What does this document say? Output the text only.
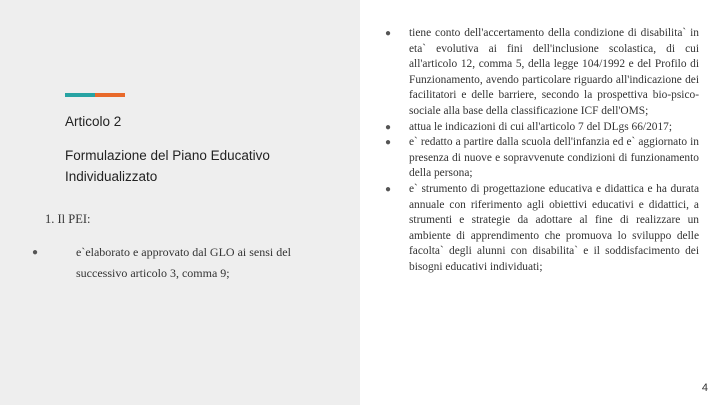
Articolo 2
Formulazione del Piano Educativo Individualizzato
1. Il PEI:
●	e`elaborato e approvato dal GLO ai sensi del successivo articolo 3, comma 9;
● tiene conto dell'accertamento della condizione di disabilita` in eta` evolutiva ai fini dell'inclusione scolastica, di cui all'articolo 12, comma 5, della legge 104/1992 e del Profilo di Funzionamento, avendo particolare riguardo all'indicazione dei facilitatori e delle barriere, secondo la prospettiva bio-psico-sociale alla base della classificazione ICF dell'OMS;
● attua le indicazioni di cui all'articolo 7 del DLgs 66/2017;
● e` redatto a partire dalla scuola dell'infanzia ed e` aggiornato in presenza di nuove e sopravvenute condizioni di funzionamento della persona;
● e` strumento di progettazione educativa e didattica e ha durata annuale con riferimento agli obiettivi educativi e didattici, a strumenti e strategie da adottare al fine di realizzare un ambiente di apprendimento che promuova lo sviluppo delle facolta` degli alunni con disabilita` e il soddisfacimento dei bisogni educativi individuati;
4
